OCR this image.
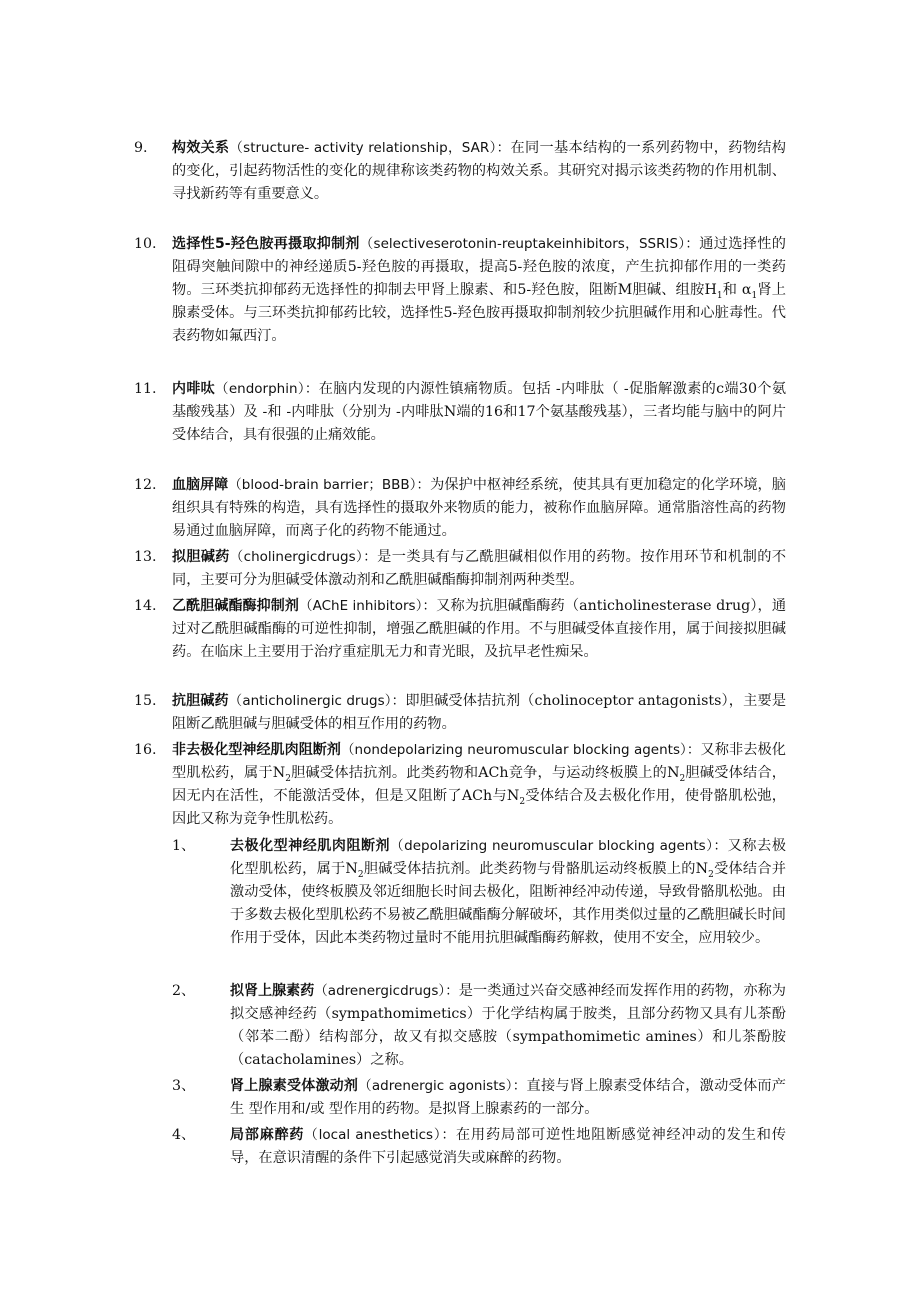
9. 构效关系（structure- activity relationship，SAR）：在同一基本结构的一系列药物中，药物结构的变化，引起药物活性的变化的规律称该类药物的构效关系。其研究对揭示该类药物的作用机制、寻找新药等有重要意义。
10. 选择性5-羟色胺再摄取抑制剂（selectiveserotonin-reuptakeinhibitors，SSRIS）：通过选择性的阻碍突触间隙中的神经递质5-羟色胺的再摄取，提高5-羟色胺的浓度，产生抗抑郁作用的一类药物。三环类抗抑郁药无选择性的抑制去甲肾上腺素、和5-羟色胺，阻断M胆碱、组胺$H_1$和 $\alpha_1$肾上腺素受体。与三环类抗抑郁药比较，选择性5-羟色胺再摄取抑制剂较少抗胆碱作用和心脏毒性。代表药物如氟西汀。
11. 内啡呔（endorphin）：在脑内发现的内源性镇痛物质。包括 -内啡肽（ -促脂解激素的c端30个氨基酸残基）及 -和 -内啡肽（分别为 -内啡肽N端的16和17个氨基酸残基），三者均能与脑中的阿片受体结合，具有很强的止痛效能。
12. 血脑屏障（blood-brain barrier；BBB）：为保护中枢神经系统，使其具有更加稳定的化学环境，脑组织具有特殊的构造，具有选择性的摄取外来物质的能力，被称作血脑屏障。通常脂溶性高的药物易通过血脑屏障，而离子化的药物不能通过。
13. 拟胆碱药（cholinergicdrugs）：是一类具有与乙酰胆碱相似作用的药物。按作用环节和机制的不同，主要可分为胆碱受体激动剂和乙酰胆碱酯酶抑制剂两种类型。
14. 乙酰胆碱酯酶抑制剂（AChE inhibitors）：又称为抗胆碱酯酶药（anticholinesterase drug），通过对乙酰胆碱酯酶的可逆性抑制，增强乙酰胆碱的作用。不与胆碱受体直接作用，属于间接拟胆碱药。在临床上主要用于治疗重症肌无力和青光眼，及抗早老性痴呆。
15. 抗胆碱药（anticholinergic drugs）：即胆碱受体拮抗剂（cholinoceptor antagonists），主要是阻断乙酰胆碱与胆碱受体的相互作用的药物。
16. 非去极化型神经肌肉阻断剂（nondepolarizing neuromuscular blocking agents）：又称非去极化型肌松药，属于$N_2$胆碱受体拮抗剂。此类药物和ACh竞争，与运动终板膜上的$N_2$胆碱受体结合，因无内在活性，不能激活受体，但是又阻断了ACh与$N_2$受体结合及去极化作用，使骨骼肌松弛，因此又称为竞争性肌松药。
1、 去极化型神经肌肉阻断剂（depolarizing neuromuscular blocking agents）：又称去极化型肌松药，属于$N_2$胆碱受体拮抗剂。此类药物与骨骼肌运动终板膜上的$N_2$受体结合并激动受体，使终板膜及邻近细胞长时间去极化，阻断神经冲动传递，导致骨骼肌松弛。由于多数去极化型肌松药不易被乙酰胆碱酯酶分解破坏，其作用类似过量的乙酰胆碱长时间作用于受体，因此本类药物过量时不能用抗胆碱酯酶药解救，使用不安全，应用较少。
2、 拟肾上腺素药（adrenergicdrugs）：是一类通过兴奋交感神经而发挥作用的药物，亦称为拟交感神经药（sympathomimetics）于化学结构属于胺类，且部分药物又具有儿茶酚（邻苯二酚）结构部分，故又有拟交感胺（sympathomimetic amines）和儿茶酚胺（catacholamines）之称。
3、 肾上腺素受体激动剂（adrenergic agonists）：直接与肾上腺素受体结合，激动受体而产生 型作用和/或 型作用的药物。是拟肾上腺素药的一部分。
4、 局部麻醉药（local anesthetics）：在用药局部可逆性地阻断感觉神经冲动的发生和传导，在意识清醒的条件下引起感觉消失或麻醉的药物。
